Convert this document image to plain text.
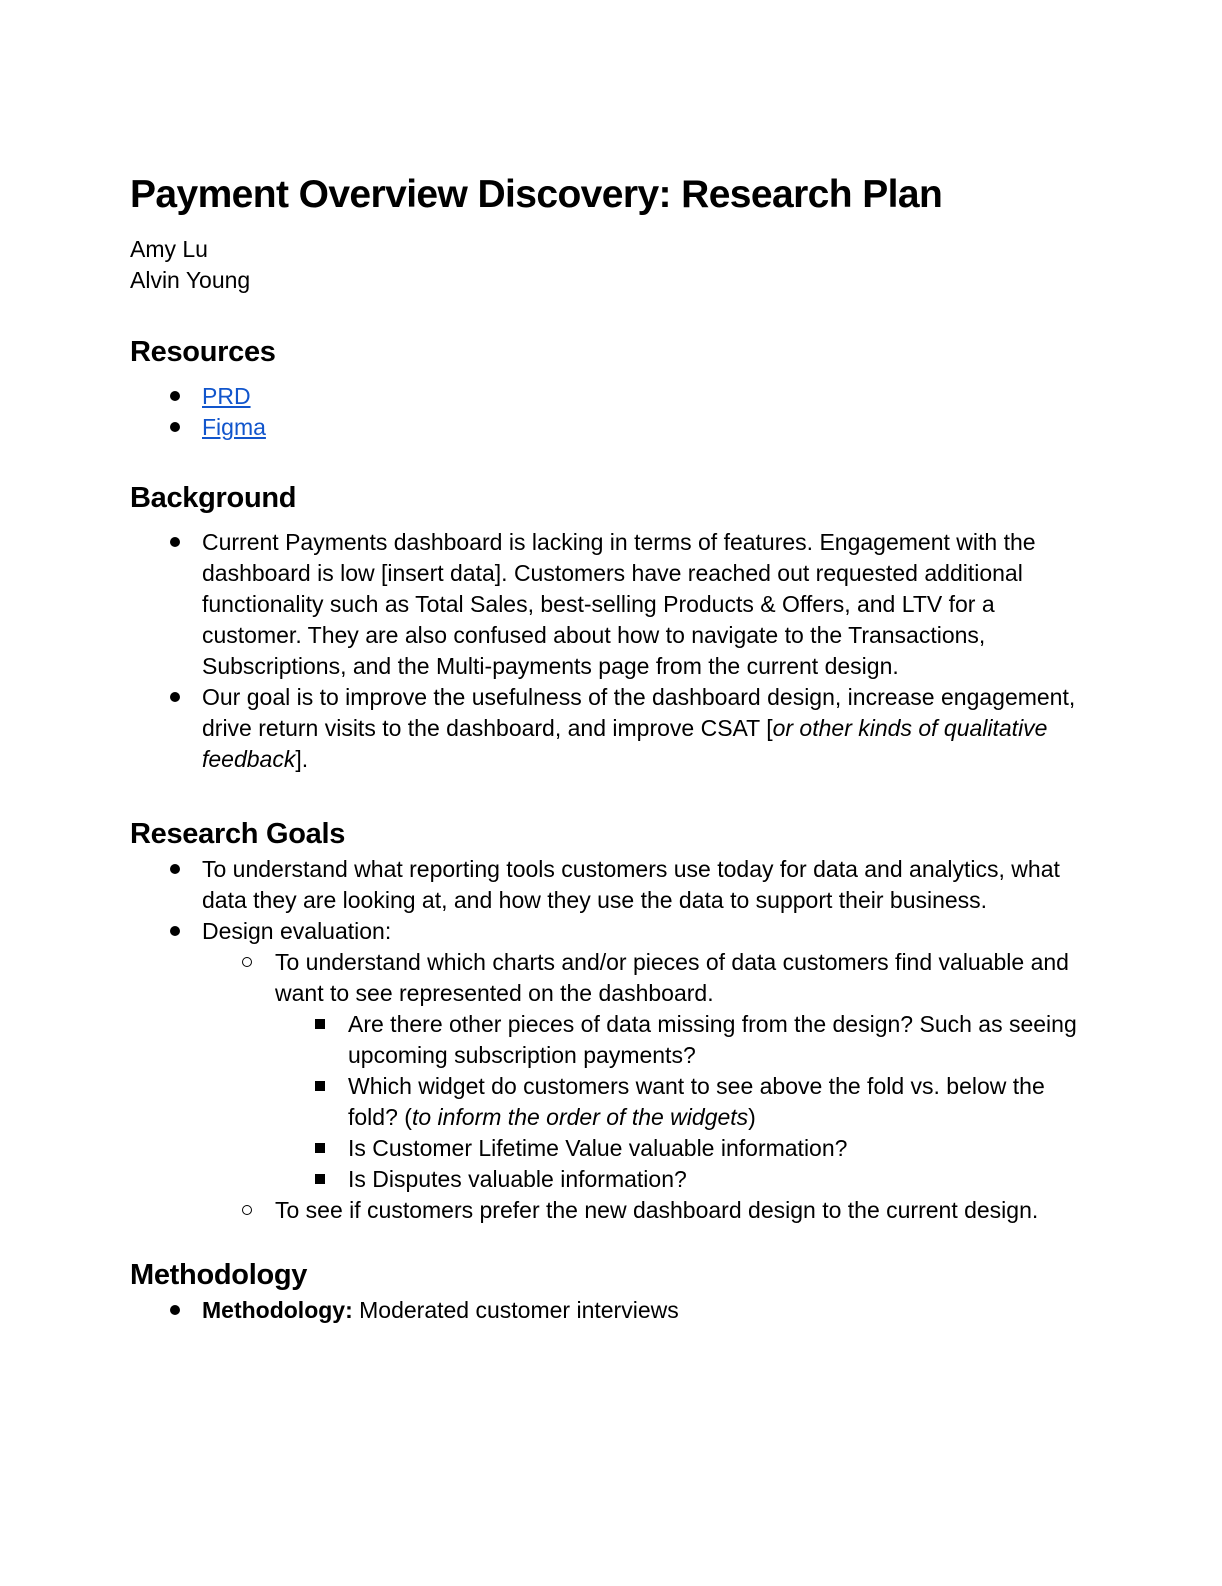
Payment Overview Discovery: Research Plan
Amy Lu
Alvin Young
Resources
PRD
Figma
Background
Current Payments dashboard is lacking in terms of features. Engagement with the dashboard is low [insert data]. Customers have reached out requested additional functionality such as Total Sales, best-selling Products & Offers, and LTV for a customer. They are also confused about how to navigate to the Transactions, Subscriptions, and the Multi-payments page from the current design.
Our goal is to improve the usefulness of the dashboard design, increase engagement, drive return visits to the dashboard, and improve CSAT [or other kinds of qualitative feedback].
Research Goals
To understand what reporting tools customers use today for data and analytics, what data they are looking at, and how they use the data to support their business.
Design evaluation:
To understand which charts and/or pieces of data customers find valuable and want to see represented on the dashboard.
Are there other pieces of data missing from the design? Such as seeing upcoming subscription payments?
Which widget do customers want to see above the fold vs. below the fold? (to inform the order of the widgets)
Is Customer Lifetime Value valuable information?
Is Disputes valuable information?
To see if customers prefer the new dashboard design to the current design.
Methodology
Methodology: Moderated customer interviews
